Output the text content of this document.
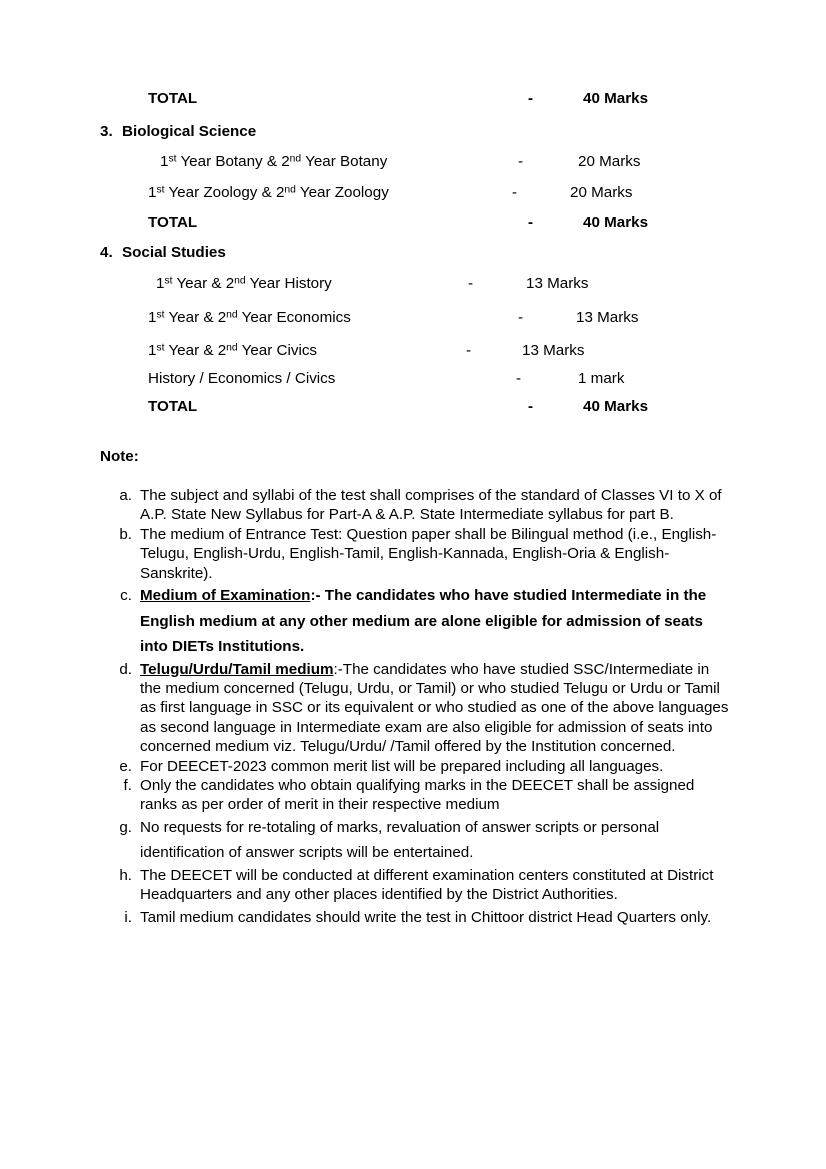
TOTAL	-	40 Marks
3. Biological Science
1st Year Botany & 2nd Year Botany	-	20 Marks
1st Year Zoology & 2nd Year Zoology	-	20 Marks
TOTAL	-	40 Marks
4. Social Studies
1st Year & 2nd Year History	-	13 Marks
1st Year & 2nd Year Economics	-	13 Marks
1st Year & 2nd Year Civics	-	13 Marks
History / Economics / Civics	-	1 mark
TOTAL	-	40 Marks
Note:
a. The subject and syllabi of the test shall comprises of the standard of Classes VI to X of A.P. State New Syllabus for Part-A & A.P. State Intermediate syllabus for part B.
b. The medium of Entrance Test: Question paper shall be Bilingual method (i.e., English-Telugu, English-Urdu, English-Tamil, English-Kannada, English-Oria & English-Sanskrite).
c. Medium of Examination:- The candidates who have studied Intermediate in the English medium at any other medium are alone eligible for admission of seats into DIETs Institutions.
d. Telugu/Urdu/Tamil medium:-The candidates who have studied SSC/Intermediate in the medium concerned (Telugu, Urdu, or Tamil) or who studied Telugu or Urdu or Tamil as first language in SSC or its equivalent or who studied as one of the above languages as second language in Intermediate exam are also eligible for admission of seats into concerned medium viz. Telugu/Urdu/ /Tamil offered by the Institution concerned.
e. For DEECET-2023 common merit list will be prepared including all languages.
f. Only the candidates who obtain qualifying marks in the DEECET shall be assigned ranks as per order of merit in their respective medium
g. No requests for re-totaling of marks, revaluation of answer scripts or personal identification of answer scripts will be entertained.
h. The DEECET will be conducted at different examination centers constituted at District Headquarters and any other places identified by the District Authorities.
i. Tamil medium candidates should write the test in Chittoor district Head Quarters only.
